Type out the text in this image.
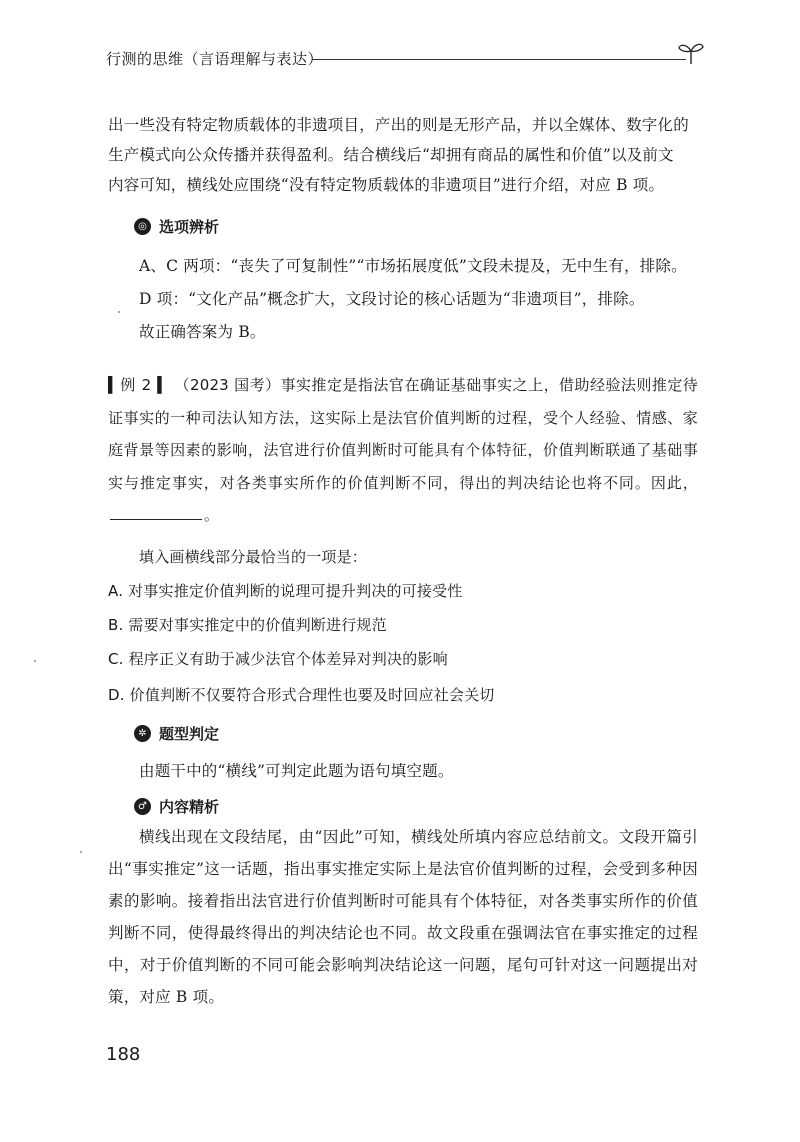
行测的思维（言语理解与表达）
出一些没有特定物质载体的非遗项目，产出的则是无形产品，并以全媒体、数字化的
生产模式向公众传播并获得盈利。结合横线后“却拥有商品的属性和价值”以及前文
内容可知，横线处应围绕“没有特定物质载体的非遗项目”进行介绍，对应 B 项。
◎ 选项辨析
A、C 两项：“丧失了可复制性”“市场拓展度低”文段未提及，无中生有，排除。
D 项：“文化产品”概念扩大，文段讨论的核心话题为“非遗项目”，排除。
故正确答案为 B。

▍例 2 ▍ （2023 国考）事实推定是指法官在确证基础事实之上，借助经验法则推定待证事实的一种司法认知方法，这实际上是法官价值判断的过程，受个人经验、情感、家庭背景等因素的影响，法官进行价值判断时可能具有个体特征，价值判断联通了基础事实与推定事实，对各类事实所作的价值判断不同，得出的判决结论也将不同。因此，。

填入画横线部分最恰当的一项是：
A. 对事实推定价值判断的说理可提升判决的可接受性
B. 需要对事实推定中的价值判断进行规范
C. 程序正义有助于减少法官个体差异对判决的影响
D. 价值判断不仅要符合形式合理性也要及时回应社会关切
✲ 题型判定
由题干中的“横线”可判定此题为语句填空题。
♂ 内容精析

横线出现在文段结尾，由“因此”可知，横线处所填内容应总结前文。文段开篇引出“事实推定”这一话题，指出事实推定实际上是法官价值判断的过程，会受到多种因素的影响。接着指出法官进行价值判断时可能具有个体特征，对各类事实所作的价值判断不同，使得最终得出的判决结论也不同。故文段重在强调法官在事实推定的过程中，对于价值判断的不同可能会影响判决结论这一问题，尾句可针对这一问题提出对策，对应 B 项。

188
